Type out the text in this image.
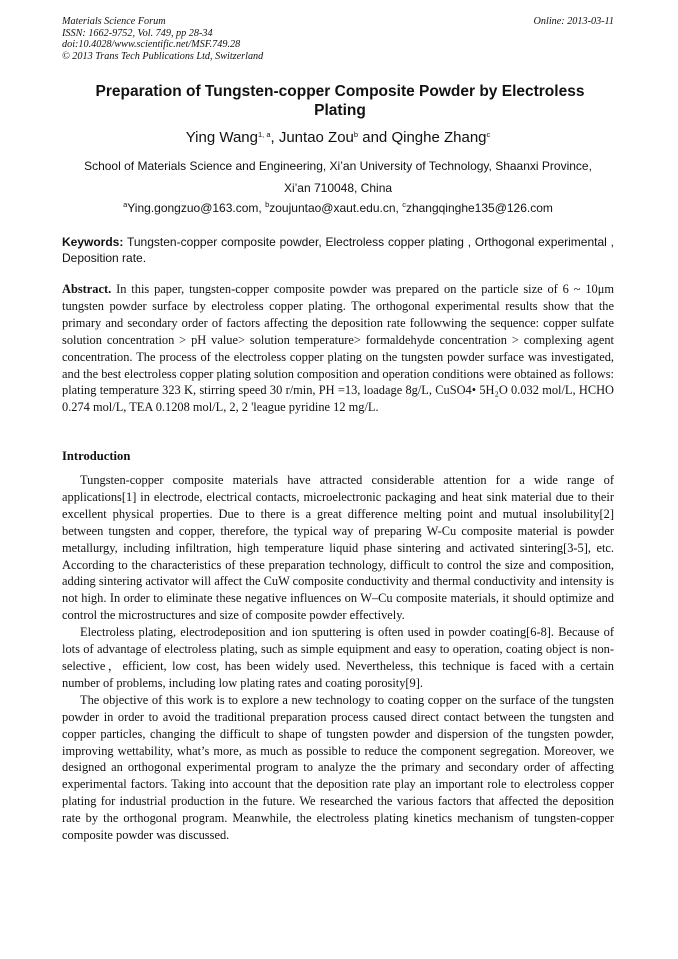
Materials Science Forum
ISSN: 1662-9752, Vol. 749, pp 28-34
doi:10.4028/www.scientific.net/MSF.749.28
© 2013 Trans Tech Publications Ltd, Switzerland
Online: 2013-03-11
Preparation of Tungsten-copper Composite Powder by Electroless Plating
Ying Wang$^{1, a}$, Juntao Zou$^b$ and Qinghe Zhang$^c$
School of Materials Science and Engineering, Xi’an University of Technology, Shaanxi Province,
Xi’an 710048, China
$^a$Ying.gongzuo@163.com, $^b$zoujuntao@xaut.edu.cn, $^c$zhangqinghe135@126.com
Keywords: Tungsten-copper composite powder, Electroless copper plating , Orthogonal experimental , Deposition rate.
Abstract. In this paper, tungsten-copper composite powder was prepared on the particle size of 6 ~ 10μm tungsten powder surface by electroless copper plating. The orthogonal experimental results show that the primary and secondary order of factors affecting the deposition rate followwing the sequence: copper sulfate solution concentration > pH value> solution temperature> formaldehyde concentration > complexing agent concentration. The process of the electroless copper plating on the tungsten powder surface was investigated, and the best electroless copper plating solution composition and operation conditions were obtained as follows: plating temperature 323 K, stirring speed 30 r/min, PH =13, loadage 8g/L, CuSO4• 5H₂O 0.032 mol/L, HCHO 0.274 mol/L, TEA 0.1208 mol/L, 2, 2 'league pyridine 12 mg/L.
Introduction

Tungsten-copper composite materials have attracted considerable attention for a wide range of applications[1] in electrode, electrical contacts, microelectronic packaging and heat sink material due to their excellent physical properties. Due to there is a great difference melting point and mutual insolubility[2] between tungsten and copper, therefore, the typical way of preparing W-Cu composite material is powder metallurgy, including infiltration, high temperature liquid phase sintering and activated sintering[3-5], etc. According to the characteristics of these preparation technology, difficult to control the size and composition, adding sintering activator will affect the CuW composite conductivity and thermal conductivity and intensity is not high. In order to eliminate these negative influences on W–Cu composite materials, it should optimize and control the microstructures and size of composite powder effectively.

Electroless plating, electrodeposition and ion sputtering is often used in powder coating[6-8]. Because of lots of advantage of electroless plating, such as simple equipment and easy to operation, coating object is non-selective，efficient, low cost, has been widely used. Nevertheless, this technique is faced with a certain number of problems, including low plating rates and coating porosity[9].

The objective of this work is to explore a new technology to coating copper on the surface of the tungsten powder in order to avoid the traditional preparation process caused direct contact between the tungsten and copper particles, changing the difficult to shape of tungsten powder and dispersion of the tungsten powder, improving wettability, what’s more, as much as possible to reduce the component segregation. Moreover, we designed an orthogonal experimental program to analyze the the primary and secondary order of affecting experimental factors. Taking into account that the deposition rate play an important role to electroless copper plating for industrial production in the future. We researched the various factors that affected the deposition rate by the orthogonal program. Meanwhile, the electroless plating kinetics mechanism of tungsten-copper composite powder was discussed.
